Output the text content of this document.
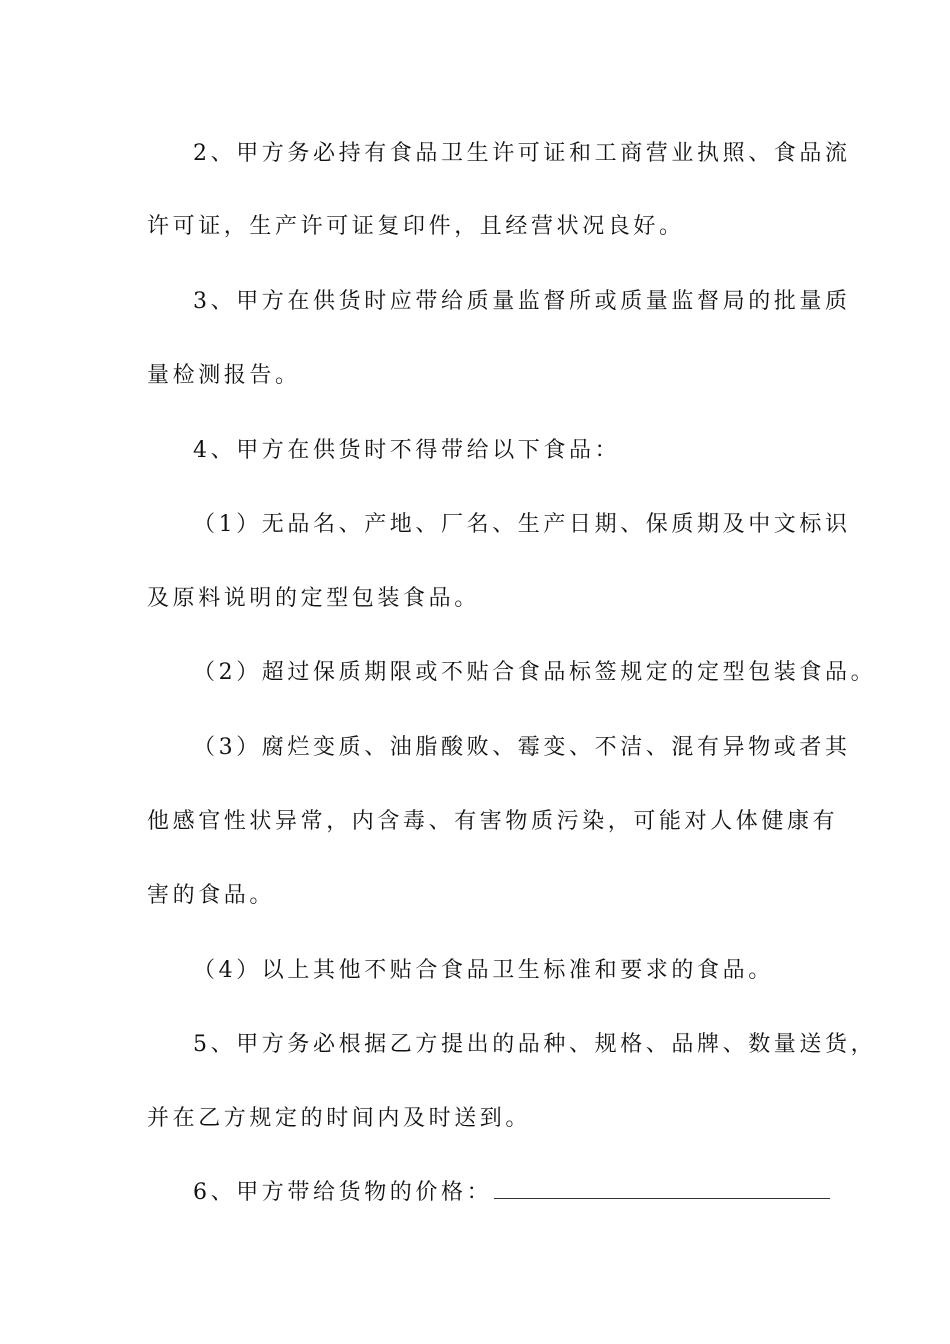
2、甲方务必持有食品卫生许可证和工商营业执照、食品流
许可证，生产许可证复印件，且经营状况良好。
3、甲方在供货时应带给质量监督所或质量监督局的批量质
量检测报告。
4、甲方在供货时不得带给以下食品：
（1）无品名、产地、厂名、生产日期、保质期及中文标识
及原料说明的定型包装食品。
（2）超过保质期限或不贴合食品标签规定的定型包装食品。
（3）腐烂变质、油脂酸败、霉变、不洁、混有异物或者其
他感官性状异常，内含毒、有害物质污染，可能对人体健康有
害的食品。
（4）以上其他不贴合食品卫生标准和要求的食品。
5、甲方务必根据乙方提出的品种、规格、品牌、数量送货，
并在乙方规定的时间内及时送到。
6、甲方带给货物的价格：
